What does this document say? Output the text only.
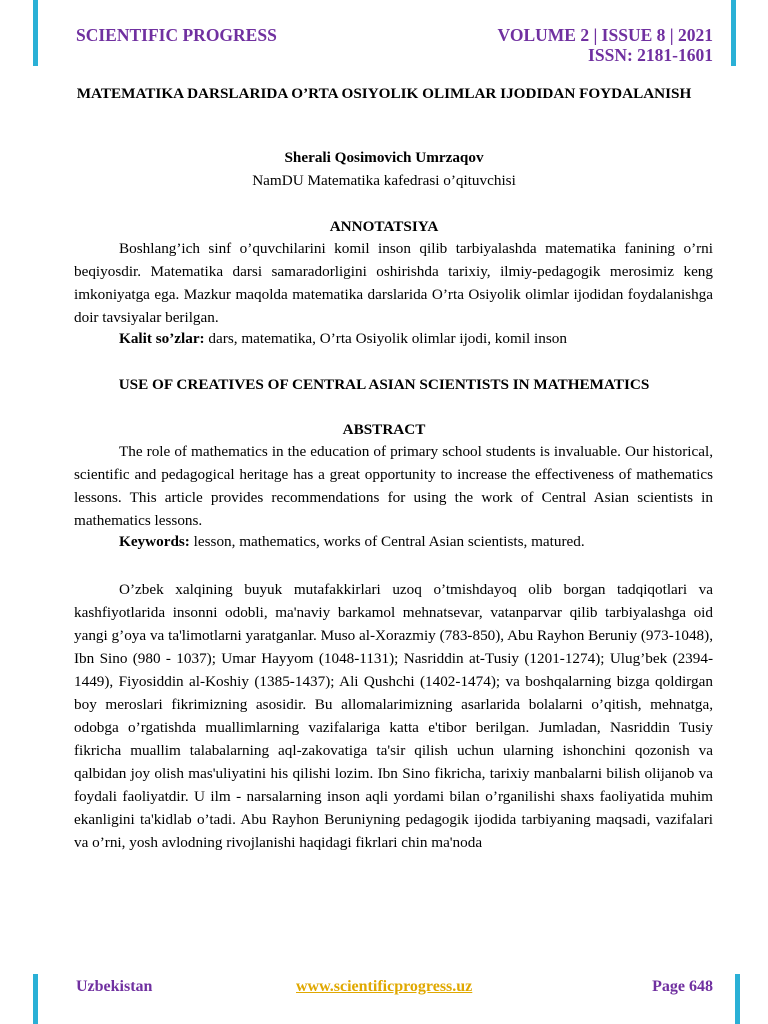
SCIENTIFIC PROGRESS	VOLUME 2 | ISSUE 8 | 2021
ISSN: 2181-1601
MATEMATIKA DARSLARIDA O’RTA OSIYOLIK OLIMLAR IJODIDAN FOYDALANISH
Sherali Qosimovich Umrzaqov
NamDU Matematika kafedrasi o’qituvchisi
ANNOTATSIYA

Boshlang’ich sinf o’quvchilarini komil inson qilib tarbiyalashda matematika fanining o’rni beqiyosdir. Matematika darsi samaradorligini oshirishda tarixiy, ilmiy-pedagogik merosimiz keng imkoniyatga ega. Mazkur maqolda matematika darslarida O’rta Osiyolik olimlar ijodidan foydalanishga doir tavsiyalar berilgan.

Kalit so’zlar: dars, matematika, O’rta Osiyolik olimlar ijodi, komil inson
USE OF CREATIVES OF CENTRAL ASIAN SCIENTISTS IN MATHEMATICS
ABSTRACT

The role of mathematics in the education of primary school students is invaluable. Our historical, scientific and pedagogical heritage has a great opportunity to increase the effectiveness of mathematics lessons. This article provides recommendations for using the work of Central Asian scientists in mathematics lessons.

Keywords: lesson, mathematics, works of Central Asian scientists, matured.

O’zbek xalqining buyuk mutafakkirlari uzoq o’tmishdayoq olib borgan tadqiqotlari va kashfiyotlarida insonni odobli, ma'naviy barkamol mehnatsevar, vatanparvar qilib tarbiyalashga oid yangi g’oya va ta'limotlarni yaratganlar. Muso al-Xorazmiy (783-850), Abu Rayhon Beruniy (973-1048), Ibn Sino (980 - 1037); Umar Hayyom (1048-1131); Nasriddin at-Tusiy (1201-1274); Ulug’bek (2394-1449), Fiyosiddin al-Koshiy (1385-1437); Ali Qushchi (1402-1474); va boshqalarning bizga qoldirgan boy meroslari fikrimizning asosidir. Bu allomalarimizning asarlarida bolalarni o’qitish, mehnatga, odobga o’rgatishda muallimlarning vazifalariga katta e'tibor berilgan. Jumladan, Nasriddin Tusiy fikricha muallim talabalarning aql-zakovatiga ta'sir qilish uchun ularning ishonchini qozonish va qalbidan joy olish mas'uliyatini his qilishi lozim. Ibn Sino fikricha, tarixiy manbalarni bilish olijanob va foydali faoliyatdir. U ilm - narsalarning inson aqli yordami bilan o’rganilishi shaxs faoliyatida muhim ekanligini ta'kidlab o’tadi. Abu Rayhon Beruniyning pedagogik ijodida tarbiyaning maqsadi, vazifalari va o’rni, yosh avlodning rivojlanishi haqidagi fikrlari chin ma'noda

Uzbekistan	www.scientificprogress.uz	Page 648
